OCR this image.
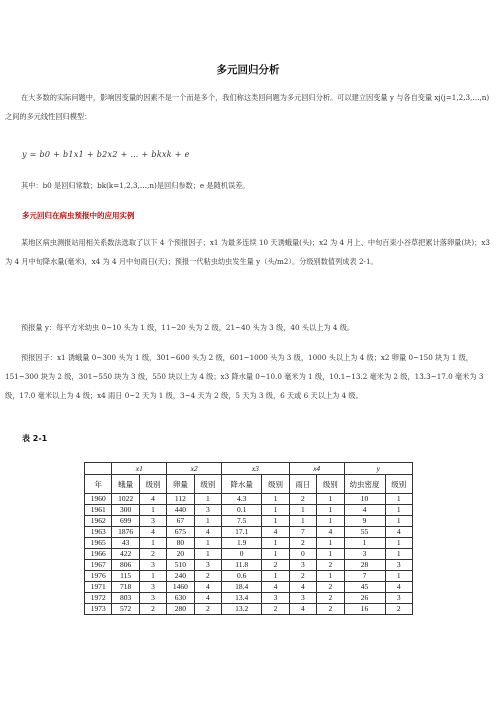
多元回归分析

在大多数的实际问题中，影响因变量的因素不是一个而是多个，我们称这类回问题为多元回归分析。可以建立因变量 y 与各自变量 xj(j=1,2,3,…,n)之间的多元线性回归模型：

y = b0 + b1x1 + b2x2 + … + bkxk + e

其中：b0 是回归常数；bk(k=1,2,3,…,n)是回归参数；e 是随机误差。

多元回归在病虫预报中的应用实例

某地区病虫测报站用相关系数法选取了以下 4 个预报因子；x1 为最多连续 10 天诱蛾量(头)；x2 为 4 月上、中旬百束小谷草把累计落卵量(块)；x3 为 4 月中旬降水量(毫米)，x4 为 4 月中旬雨日(天)；预报一代粘虫幼虫发生量 y（头/m2）。分级别数值列成表 2-1。

预报量 y：每平方米幼虫 0~10 头为 1 级，11~20 头为 2 级，21~40 头为 3 级，40 头以上为 4 级。

预报因子：x1 诱蛾量 0~300 头为 1 级，301~600 头为 2 级，601~1000 头为 3 级，1000 头以上为 4 级；x2 卵量 0~150 块为 1 级，151~300 块为 2 级，301~550 块为 3 级，550 块以上为 4 级；x3 降水量 0~10.0 毫米为 1 级，10.1~13.2 毫米为 2 级，13.3~17.0 毫米为 3 级，17.0 毫米以上为 4 级；x4 雨日 0~2 天为 1 级，3~4 天为 2 级，5 天为 3 级，6 天或 6 天以上为 4 级。

表 2-1
	x1		x2		x3		x4		y	
年	蛾量	级别	卵量	级别	降水量	级别	雨日	级别	幼虫密度	级别
1960	1022	4	112	1	4.3	1	2	1	10	1
1961	300	1	440	3	0.1	1	1	1	4	1
1962	699	3	67	1	7.5	1	1	1	9	1
1963	1876	4	675	4	17.1	4	7	4	55	4
1965	43	1	80	1	1.9	1	2	1	1	1
1966	422	2	20	1	0	1	0	1	3	1
1967	806	3	510	3	11.8	2	3	2	28	3
1976	115	1	240	2	0.6	1	2	1	7	1
1971	718	3	1460	4	18.4	4	4	2	45	4
1972	803	3	630	4	13.4	3	3	2	26	3
1973	572	2	280	2	13.2	2	4	2	16	2
